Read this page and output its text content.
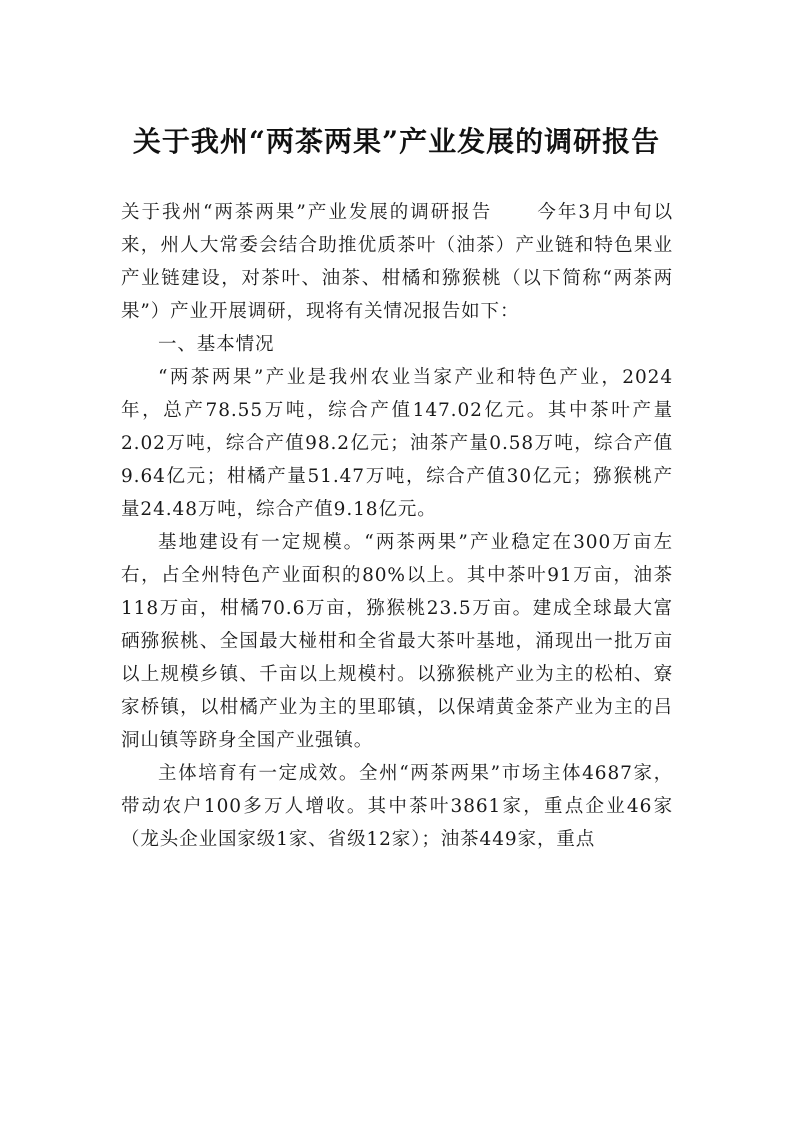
关于我州“两茶两果”产业发展的调研报告

关于我州“两茶两果”产业发展的调研报告 今年3月中旬以来，州人大常委会结合助推优质茶叶（油茶）产业链和特色果业产业链建设，对茶叶、油茶、柑橘和猕猴桃（以下简称“两茶两果”）产业开展调研，现将有关情况报告如下：

一、基本情况

“两茶两果”产业是我州农业当家产业和特色产业，2024年，总产78.55万吨，综合产值147.02亿元。其中茶叶产量2.02万吨，综合产值98.2亿元；油茶产量0.58万吨，综合产值9.64亿元；柑橘产量51.47万吨，综合产值30亿元；猕猴桃产量24.48万吨，综合产值9.18亿元。

基地建设有一定规模。“两茶两果”产业稳定在300万亩左右，占全州特色产业面积的80%以上。其中茶叶91万亩，油茶118万亩，柑橘70.6万亩，猕猴桃23.5万亩。建成全球最大富硒猕猴桃、全国最大椪柑和全省最大茶叶基地，涌现出一批万亩以上规模乡镇、千亩以上规模村。以猕猴桃产业为主的松柏、寮家桥镇，以柑橘产业为主的里耶镇，以保靖黄金茶产业为主的吕洞山镇等跻身全国产业强镇。

主体培育有一定成效。全州“两茶两果”市场主体4687家，带动农户100多万人增收。其中茶叶3861家，重点企业46家（龙头企业国家级1家、省级12家）；油茶449家，重点
